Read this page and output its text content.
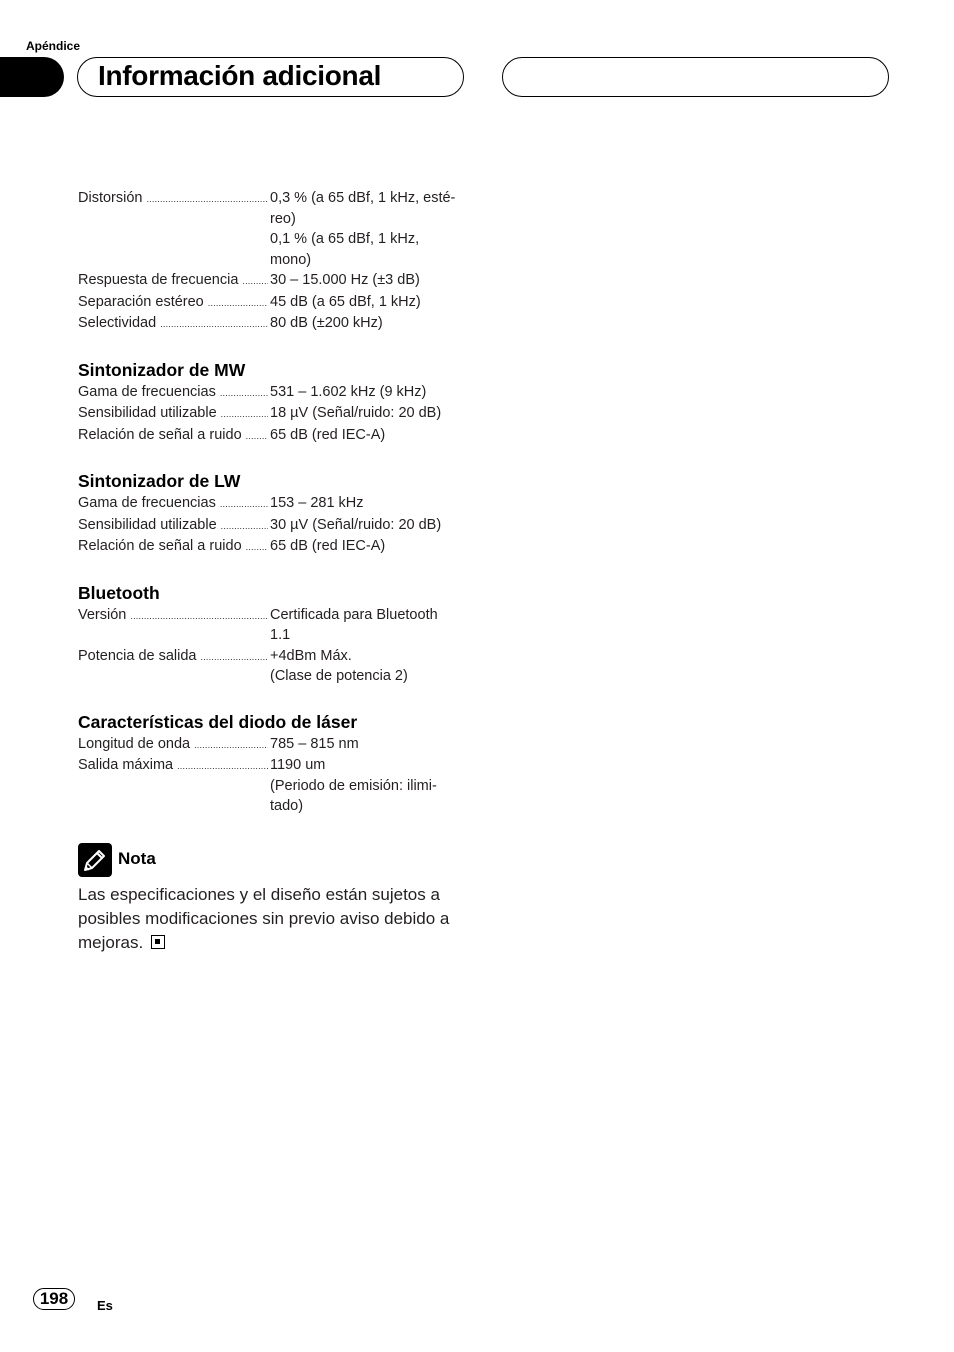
Apéndice
Información adicional
Distorsión .....	0,3 % (a 65 dBf, 1 kHz, esté-
reo)
0,1 % (a 65 dBf, 1 kHz,
mono)
Respuesta de frecuencia ..... 30 – 15.000 Hz (±3 dB)
Separación estéreo .....	45 dB (a 65 dBf, 1 kHz)
Selectividad .....	80 dB (±200 kHz)
Sintonizador de MW
Gama de frecuencias .....	531 – 1.602 kHz (9 kHz)
Sensibilidad utilizable .....	18 µV (Señal/ruido: 20 dB)
Relación de señal a ruido ..... 65 dB (red IEC-A)
Sintonizador de LW
Gama de frecuencias .....	153 – 281 kHz
Sensibilidad utilizable .....	30 µV (Señal/ruido: 20 dB)
Relación de señal a ruido ..... 65 dB (red IEC-A)
Bluetooth
Versión .....	Certificada para Bluetooth
1.1
Potencia de salida .....	+4dBm Máx.
(Clase de potencia 2)
Características del diodo de láser
Longitud de onda .....	785 – 815 nm
Salida máxima .....	1190 um
(Periodo de emisión: ilimi-
tado)
Nota
Las especificaciones y el diseño están sujetos a posibles modificaciones sin previo aviso debido a mejoras.
198	Es
